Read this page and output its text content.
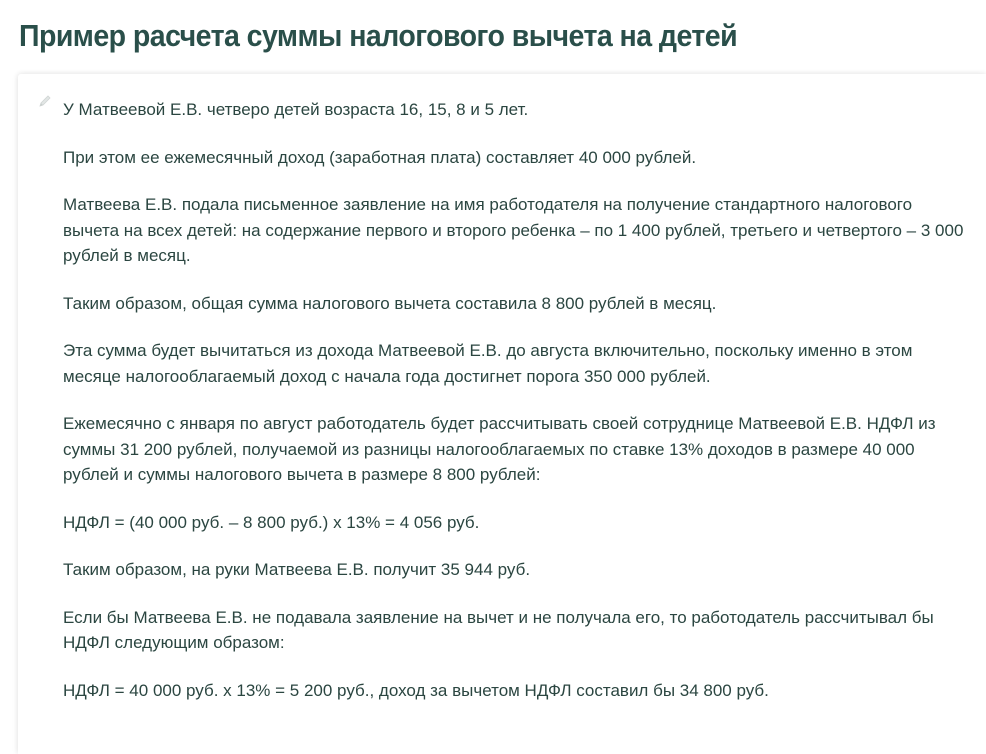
Пример расчета суммы налогового вычета на детей

У Матвеевой Е.В. четверо детей возраста 16, 15, 8 и 5 лет.

При этом ее ежемесячный доход (заработная плата) составляет 40 000 рублей.

Матвеева Е.В. подала письменное заявление на имя работодателя на получение стандартного налогового вычета на всех детей: на содержание первого и второго ребенка – по 1 400 рублей, третьего и четвертого – 3 000 рублей в месяц.

Таким образом, общая сумма налогового вычета составила 8 800 рублей в месяц.

Эта сумма будет вычитаться из дохода Матвеевой Е.В. до августа включительно, поскольку именно в этом месяце налогооблагаемый доход с начала года достигнет порога 350 000 рублей.

Ежемесячно с января по август работодатель будет рассчитывать своей сотруднице Матвеевой Е.В. НДФЛ из суммы 31 200 рублей, получаемой из разницы налогооблагаемых по ставке 13% доходов в размере 40 000 рублей и суммы налогового вычета в размере 8 800 рублей:

НДФЛ = (40 000 руб. – 8 800 руб.) х 13% = 4 056 руб.

Таким образом, на руки Матвеева Е.В. получит 35 944 руб.

Если бы Матвеева Е.В. не подавала заявление на вычет и не получала его, то работодатель рассчитывал бы НДФЛ следующим образом:

НДФЛ = 40 000 руб. х 13% = 5 200 руб., доход за вычетом НДФЛ составил бы 34 800 руб.
